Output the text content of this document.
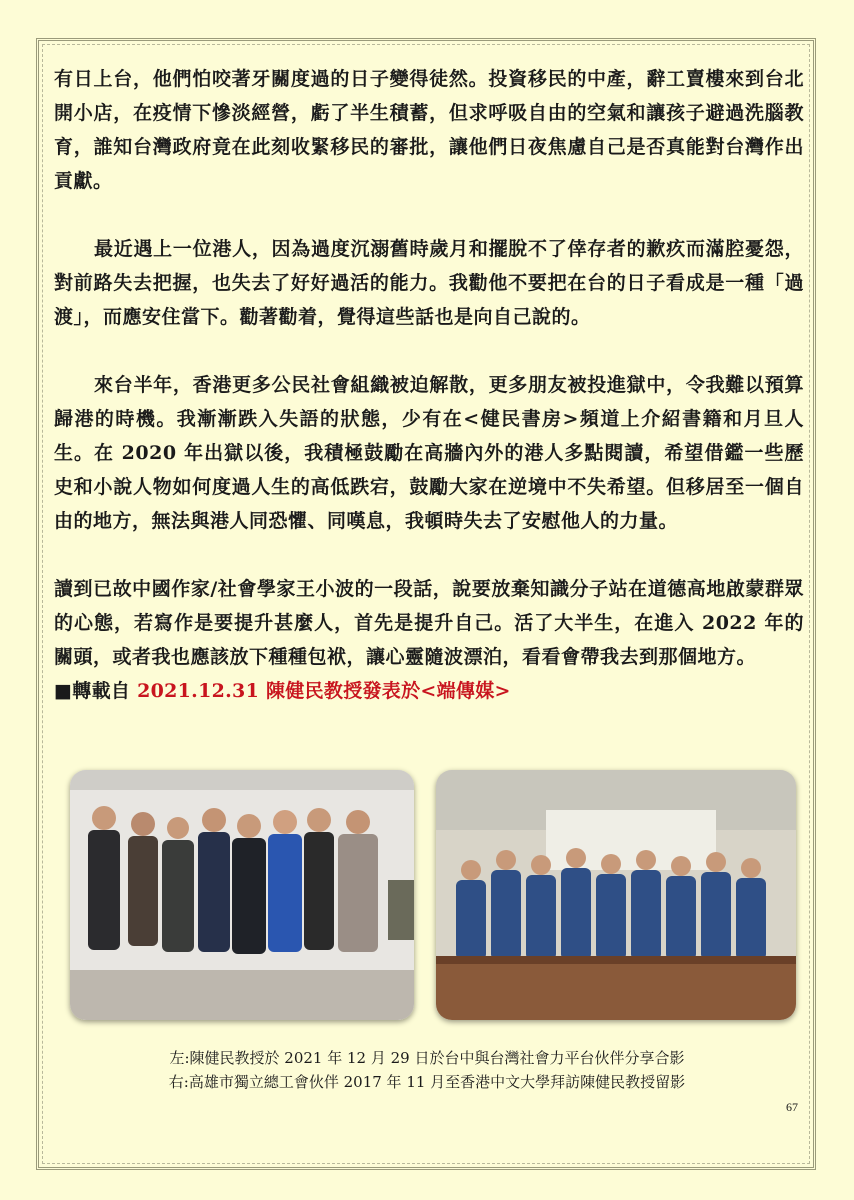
有日上台，他們怕咬著牙關度過的日子變得徒然。投資移民的中產，辭工賣樓來到台北開小店，在疫情下慘淡經營，虧了半生積蓄，但求呼吸自由的空氣和讓孩子避過洗腦教育，誰知台灣政府竟在此刻收緊移民的審批，讓他們日夜焦慮自己是否真能對台灣作出貢獻。

最近遇上一位港人，因為過度沉溺舊時歲月和擺脫不了倖存者的歉疚而滿腔憂怨，對前路失去把握，也失去了好好過活的能力。我勸他不要把在台的日子看成是一種「過渡」，而應安住當下。勸著勸着，覺得這些話也是向自己說的。

來台半年，香港更多公民社會組織被迫解散，更多朋友被投進獄中，令我難以預算歸港的時機。我漸漸跌入失語的狀態，少有在<健民書房>頻道上介紹書籍和月旦人生。在 2020 年出獄以後，我積極鼓勵在高牆內外的港人多點閱讀，希望借鑑一些歷史和小說人物如何度過人生的高低跌宕，鼓勵大家在逆境中不失希望。但移居至一個自由的地方，無法與港人同恐懼、同嘆息，我頓時失去了安慰他人的力量。

讀到已故中國作家/社會學家王小波的一段話，說要放棄知識分子站在道德高地啟蒙群眾的心態，若寫作是要提升甚麼人，首先是提升自己。活了大半生，在進入 2022 年的關頭，或者我也應該放下種種包袱，讓心靈隨波漂泊，看看會帶我去到那個地方。

■轉載自 2021.12.31 陳健民教授發表於<端傳媒>
左:陳健民教授於 2021 年 12 月 29 日於台中與台灣社會力平台伙伴分享合影
右:高雄市獨立總工會伙伴 2017 年 11 月至香港中文大學拜訪陳健民教授留影
67
